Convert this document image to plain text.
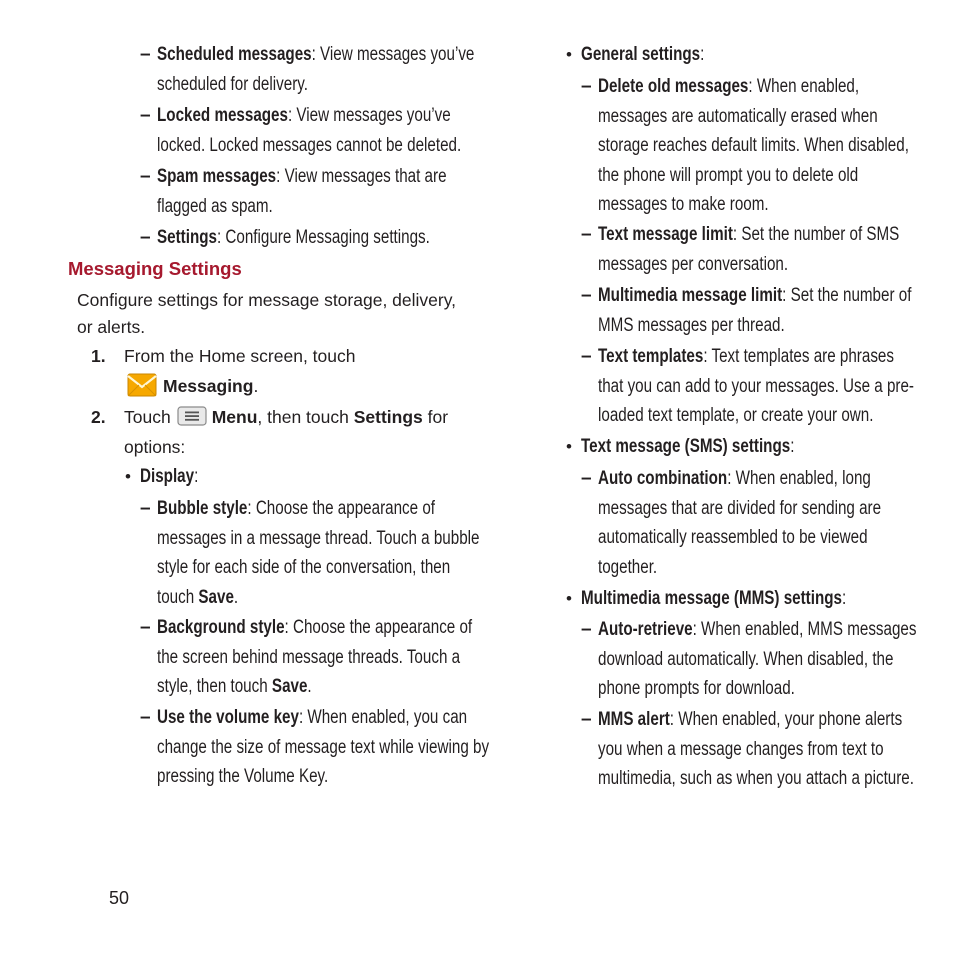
– Scheduled messages: View messages you’ve
scheduled for delivery.
– Locked messages: View messages you’ve
locked. Locked messages cannot be deleted.
– Spam messages: View messages that are
flagged as spam.
– Settings: Configure Messaging settings.
Messaging Settings
Configure settings for message storage, delivery,
or alerts.
1. From the Home screen, touch
Messaging.
2. Touch Menu, then touch Settings for
options:
• Display:
– Bubble style: Choose the appearance of
messages in a message thread. Touch a bubble
style for each side of the conversation, then
touch Save.
– Background style: Choose the appearance of
the screen behind message threads. Touch a
style, then touch Save.
– Use the volume key: When enabled, you can
change the size of message text while viewing by
pressing the Volume Key.
• General settings:
– Delete old messages: When enabled,
messages are automatically erased when
storage reaches default limits. When disabled,
the phone will prompt you to delete old
messages to make room.
– Text message limit: Set the number of SMS
messages per conversation.
– Multimedia message limit: Set the number of
MMS messages per thread.
– Text templates: Text templates are phrases
that you can add to your messages. Use a pre-
loaded text template, or create your own.
• Text message (SMS) settings:
– Auto combination: When enabled, long
messages that are divided for sending are
automatically reassembled to be viewed
together.
• Multimedia message (MMS) settings:
– Auto-retrieve: When enabled, MMS messages
download automatically. When disabled, the
phone prompts for download.
– MMS alert: When enabled, your phone alerts
you when a message changes from text to
multimedia, such as when you attach a picture.
50
